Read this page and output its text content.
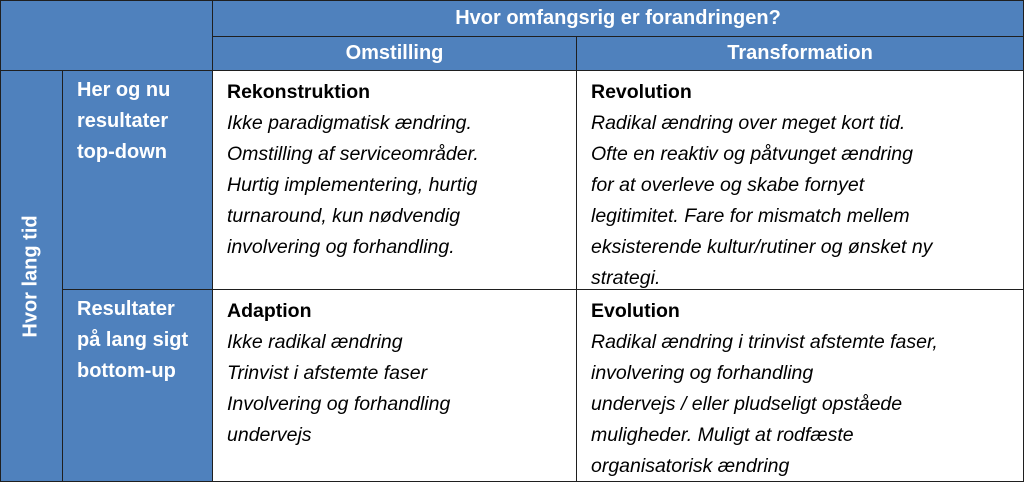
Hvor omfangsrig er forandringen?
Omstilling	Transformation
Hvor lang tid
Her og nu
resultater
top-down
Rekonstruktion
Ikke paradigmatisk ændring.
Omstilling af serviceområder.
Hurtig implementering, hurtig
turnaround, kun nødvendig
involvering og forhandling.
Revolution
Radikal ændring over meget kort tid.
Ofte en reaktiv og påtvunget ændring
for at overleve og skabe fornyet
legitimitet. Fare for mismatch mellem
eksisterende kultur/rutiner og ønsket ny
strategi.
Resultater
på lang sigt
bottom-up
Adaption
Ikke radikal ændring
Trinvist i afstemte faser
Involvering og forhandling
undervejs
Evolution
Radikal ændring i trinvist afstemte faser,
involvering og forhandling
undervejs / eller pludseligt opståede
muligheder. Muligt at rodfæste
organisatorisk ændring
